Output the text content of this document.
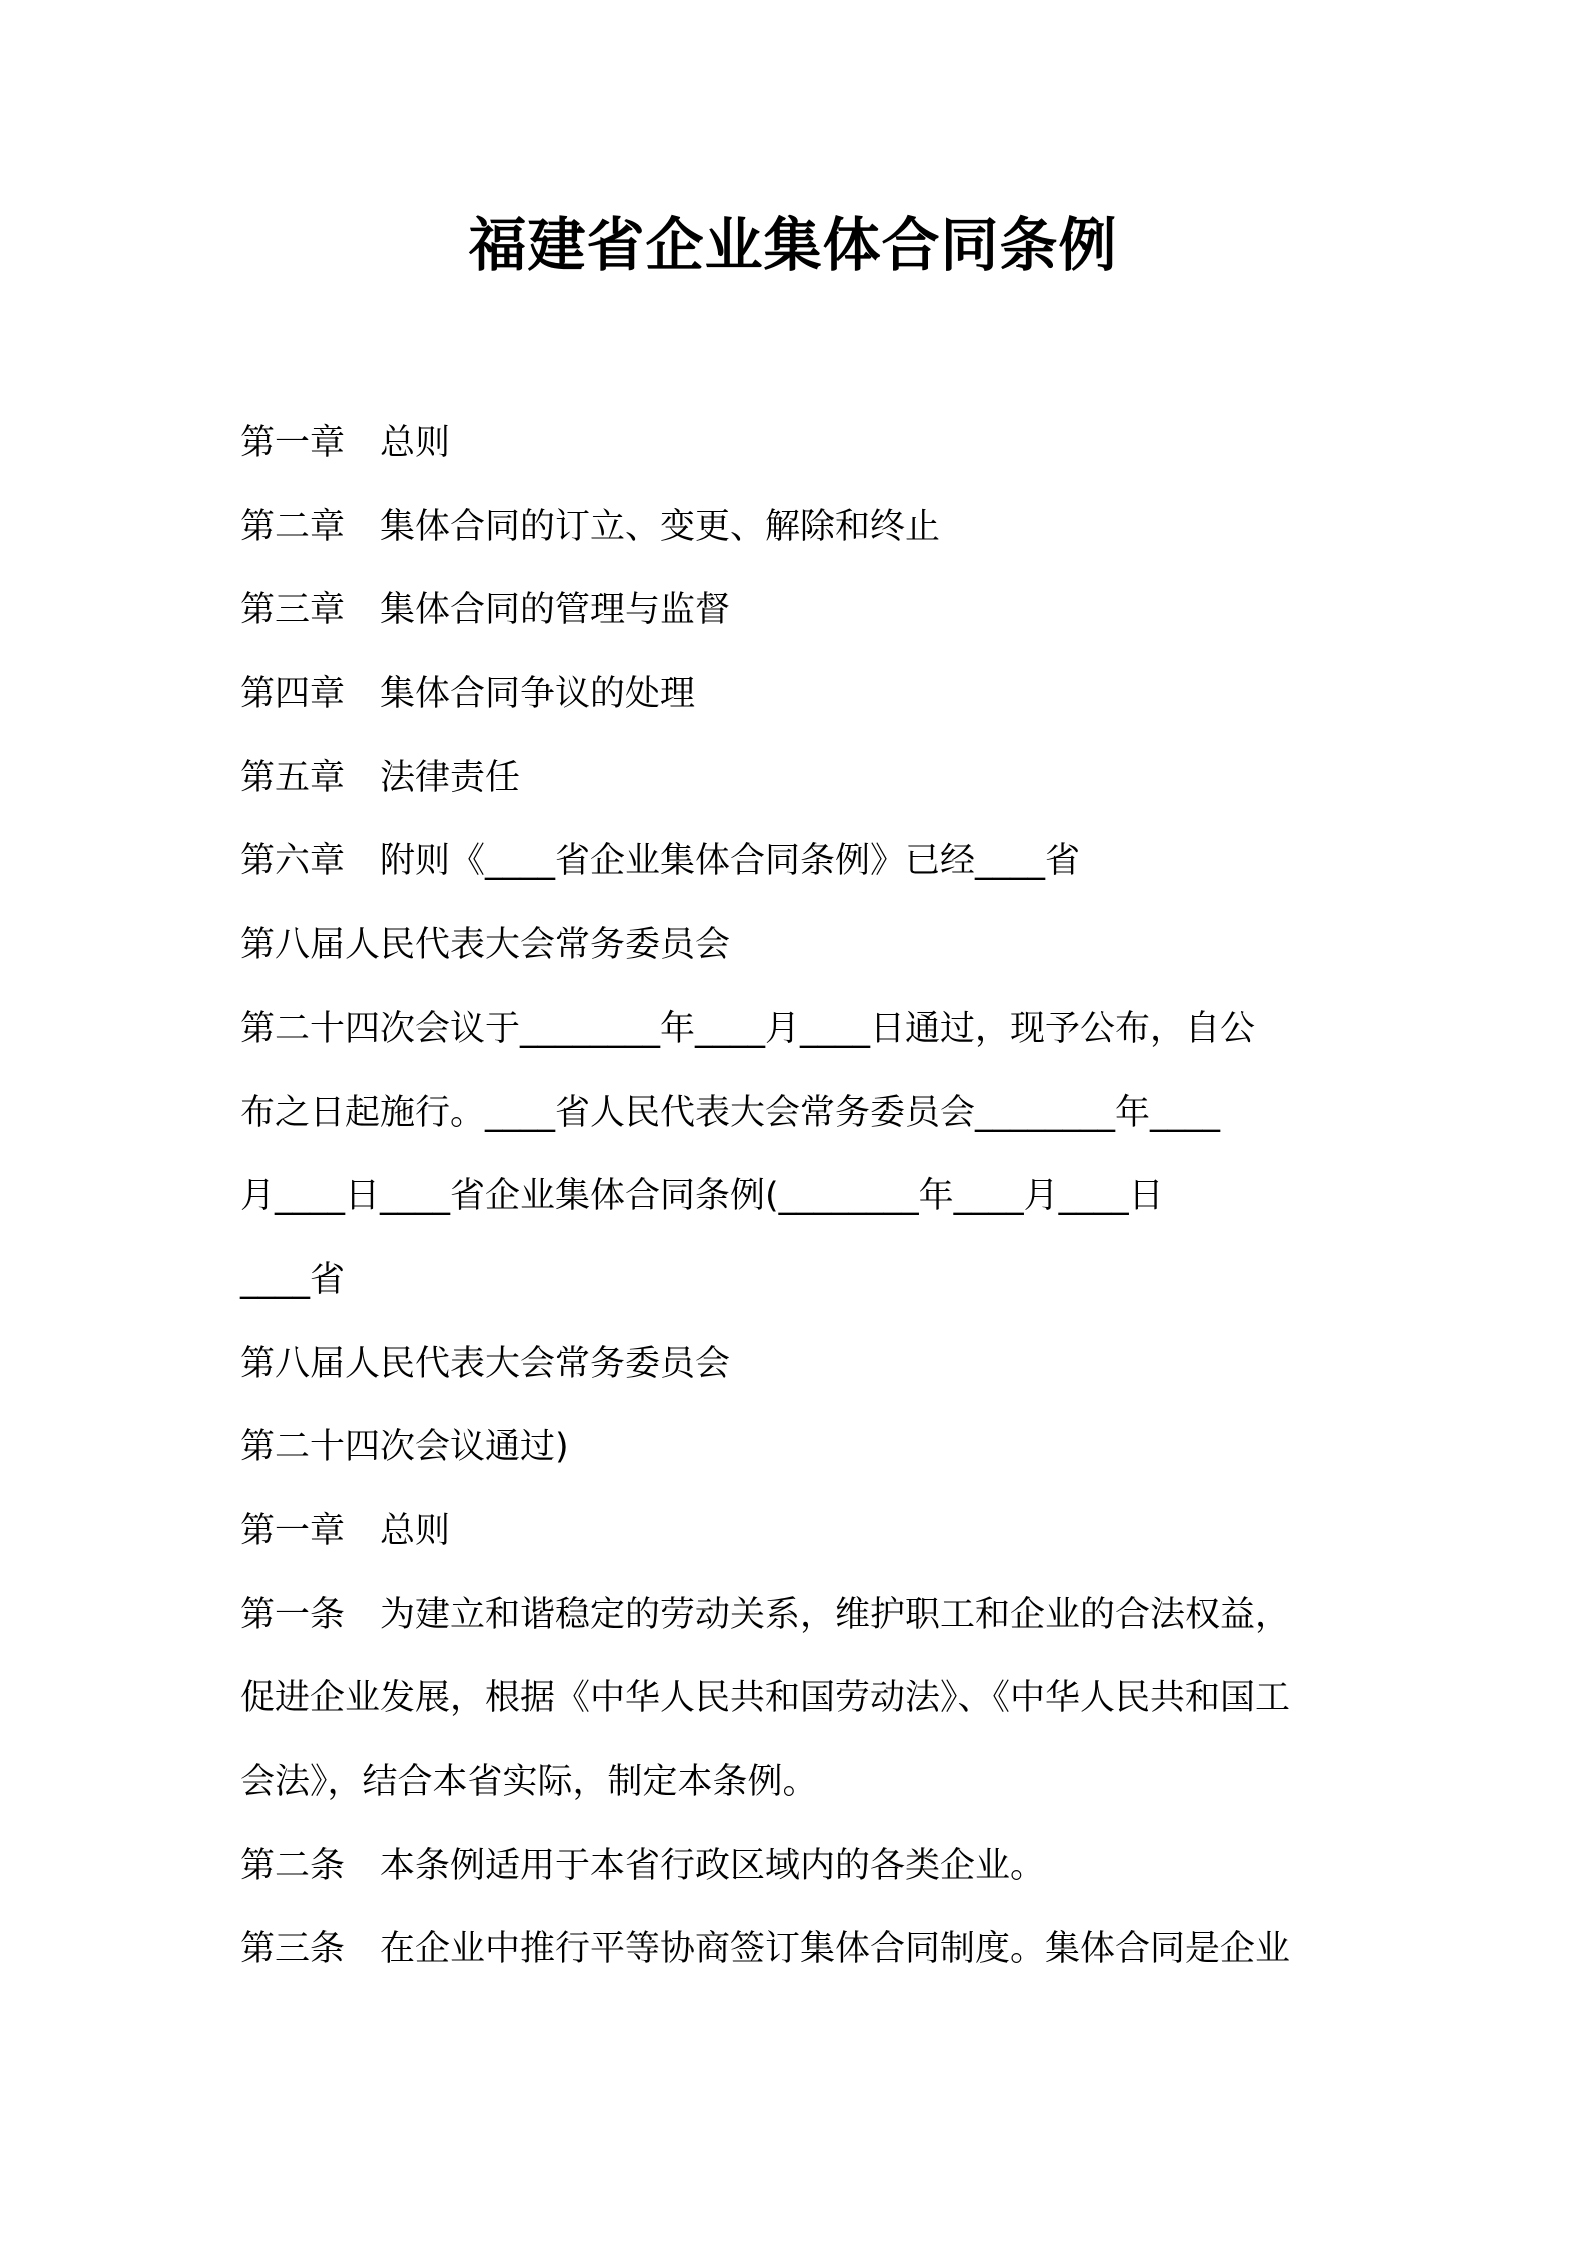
福建省企业集体合同条例
第一章　总则
第二章　集体合同的订立、变更、解除和终止
第三章　集体合同的管理与监督
第四章　集体合同争议的处理
第五章　法律责任
第六章　附则《____省企业集体合同条例》已经____省
第八届人民代表大会常务委员会
第二十四次会议于________年____月____日通过，现予公布，自公
布之日起施行。____省人民代表大会常务委员会________年____
月____日____省企业集体合同条例(________年____月____日
____省
第八届人民代表大会常务委员会
第二十四次会议通过)
第一章　总则
第一条　为建立和谐稳定的劳动关系，维护职工和企业的合法权益，
促进企业发展，根据《中华人民共和国劳动法》、《中华人民共和国工
会法》，结合本省实际，制定本条例。
第二条　本条例适用于本省行政区域内的各类企业。
第三条　在企业中推行平等协商签订集体合同制度。集体合同是企业
